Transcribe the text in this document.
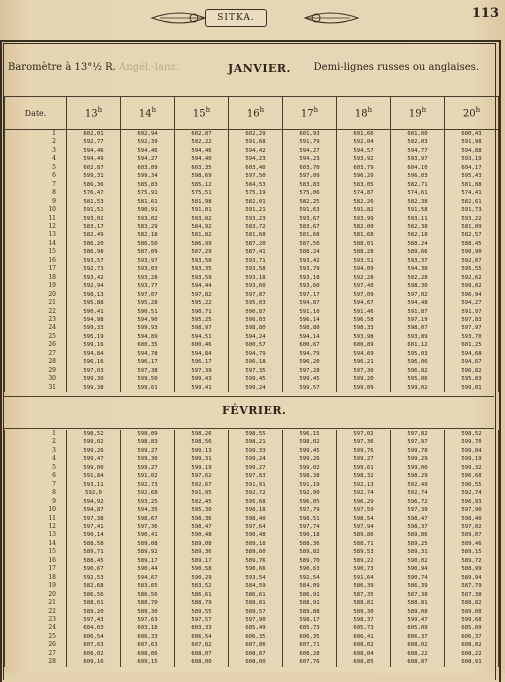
SITKA.	113
Baromètre à 13°½ R. Angél.-lanz.	JANVIER. Demi-lignes russes ou anglaises.
Date.	13$^h$	14$^h$	15$^h$	16$^h$	17$^h$	18$^h$	19$^h$	20$^h$
1	602,01	602,94	602,87	602,29	601,93	601,66	601,00	600,43
2	592,77	592,39	592,22	591,68	591,79	592,04	592,03	591,98
3	594,46	594,46	594,46	594,42	594,27	594,57	594,77	594,88
4	594,49	594,27	594,40	594,23	594,23	593,92	593,97	593,19
5	602,87	603,09	603,35	603,40	603,70	603,79	604,10	604,17
6	599,31	599,34	598,69	597,50	597,09	596,29	596,03	595,43
7	586,36	585,83	585,12	584,53	583,83	583,05	582,71	581,88
8	576,47	575,91	575,51	575,19	575,06	574,87	574,61	574,41
9	581,53	581,61	581,98	582,01	582,25	582,26	582,38	582,61
10	591,51	590,91	591,01	591,21	591,63	591,82	591,58	591,73
11	593,02	593,02	593,02	593,23	593,67	593,99	593,11	593,22
12	583,17	583,29	584,92	583,72	583,67	582,00	582,38	581,09
13	582,49	582,18	581,82	581,68	581,68	581,68	582,18	582,57
14	586,20	586,50	586,99	587,20	587,50	588,01	588,24	588,45
15	586,98	587,09	587,29	587,41	588,24	588,28	589,66	590,90
16	593,57	593,97	593,50	593,71	593,42	593,51	593,37	592,07
17	592,73	593,03	593,35	593,58	593,79	594,09	594,30	595,55
18	593,42	593,28	593,59	593,18	593,18	592,28	592,28	592,62
19	592,94	593,77	594,44	593,60	593,60	597,40	598,30	599,02
20	598,13	597,07	597,82	597,87	597,17	597,09	597,02	596,94
21	595,88	595,28	595,22	595,03	594,87	594,67	594,48	594,27
22	590,41	590,51	590,71	590,87	591,10	591,46	591,87	591,97
23	594,98	594,90	595,25	596,03	596,14	596,58	597,19	597,83
24	599,33	599,93	598,97	598,80	598,80	598,33	598,07	597,97
25	595,19	594,89	594,51	594,24	594,14	593,98	593,89	593,70
26	599,16	600,35	600,46	600,57	600,67	600,89	601,12	601,25
27	594,84	594,78	594,84	594,79	594,79	594,69	595,03	594,68
28	596,16	596,17	596,17	596,18	596,20	596,21	596,06	594,67
29	597,03	597,38	597,39	597,35	597,28	597,30	596,82	596,82
30	599,30	599,50	599,43	599,45	599,45	599,20	595,06	595,83
31	599,38	599,61	599,41	599,24	599,57	599,09	599,02	599,01
FÉVRIER.
1	598,52	598,09	598,26	598,55	596,15	597,02	597,82	598,52
2	599,02	598,83	598,56	598,21	598,02	597,36	597,97	599,70
3	599,26	599,27	599,13	599,33	599,45	599,76	599,78	599,84
4	599,47	599,30	599,31	599,24	599,26	599,27	599,29	599,19
5	599,00	599,27	599,19	599,27	599,02	599,61	599,00	599,32
6	591,84	591,02	597,62	597,63	598,38	598,32	598,29	596,68
7	593,11	592,73	592,67	591,91	591,19	592,13	592,49	590,55
8	592,0	592,68	591,95	592,72	592,90	592,74	592,74	592,74
9	594,92	593,25	592,45	595,68	596,05	596,29	596,72	596,93
10	594,87	594,35	595,30	598,18	597,79	597,59	597,39	597,90
11	597,38	598,67	598,36	598,40	598,51	598,54	598,47	598,40
12	597,41	597,36	598,47	597,64	597,74	597,94	598,37	597,02
13	590,14	590,41	590,48	590,48	590,18	589,86	589,86	589,07
14	588,58	589,08	589,08	589,18	588,36	588,71	589,25	589,46
15	589,71	589,92	589,36	589,60	589,82	589,53	589,31	589,15
16	588,45	589,17	589,17	589,76	589,70	589,22	590,02	589,72
17	590,67	590,44	590,58	590,66	590,63	590,73	590,94	588,99
18	592,53	594,67	590,29	593,54	592,54	591,64	590,74	589,94
19	582,68	583,65	583,52	584,59	584,09	586,39	586,39	587,79
20	586,56	586,56	586,61	586,61	586,91	587,35	587,38	587,38
21	588,61	588,70	588,79	588,81	588,91	588,81	588,81	588,82
22	589,20	589,30	589,55	589,57	589,88	589,30	589,08	589,08
23	597,43	597,63	597,57	597,90	598,17	598,37	599,47	599,68
24	604,03	603,18	603,33	605,49	605,73	605,73	605,09	605,09
25	606,54	606,33	606,54	606,35	606,35	606,41	606,37	606,37
26	607,63	607,63	607,82	607,86	607,71	608,02	608,02	608,02
27	608,02	608,06	608,07	608,07	608,28	608,04	608,22	608,22
28	609,16	609,15	608,00	608,00	607,76	608,85	608,87	608,91
